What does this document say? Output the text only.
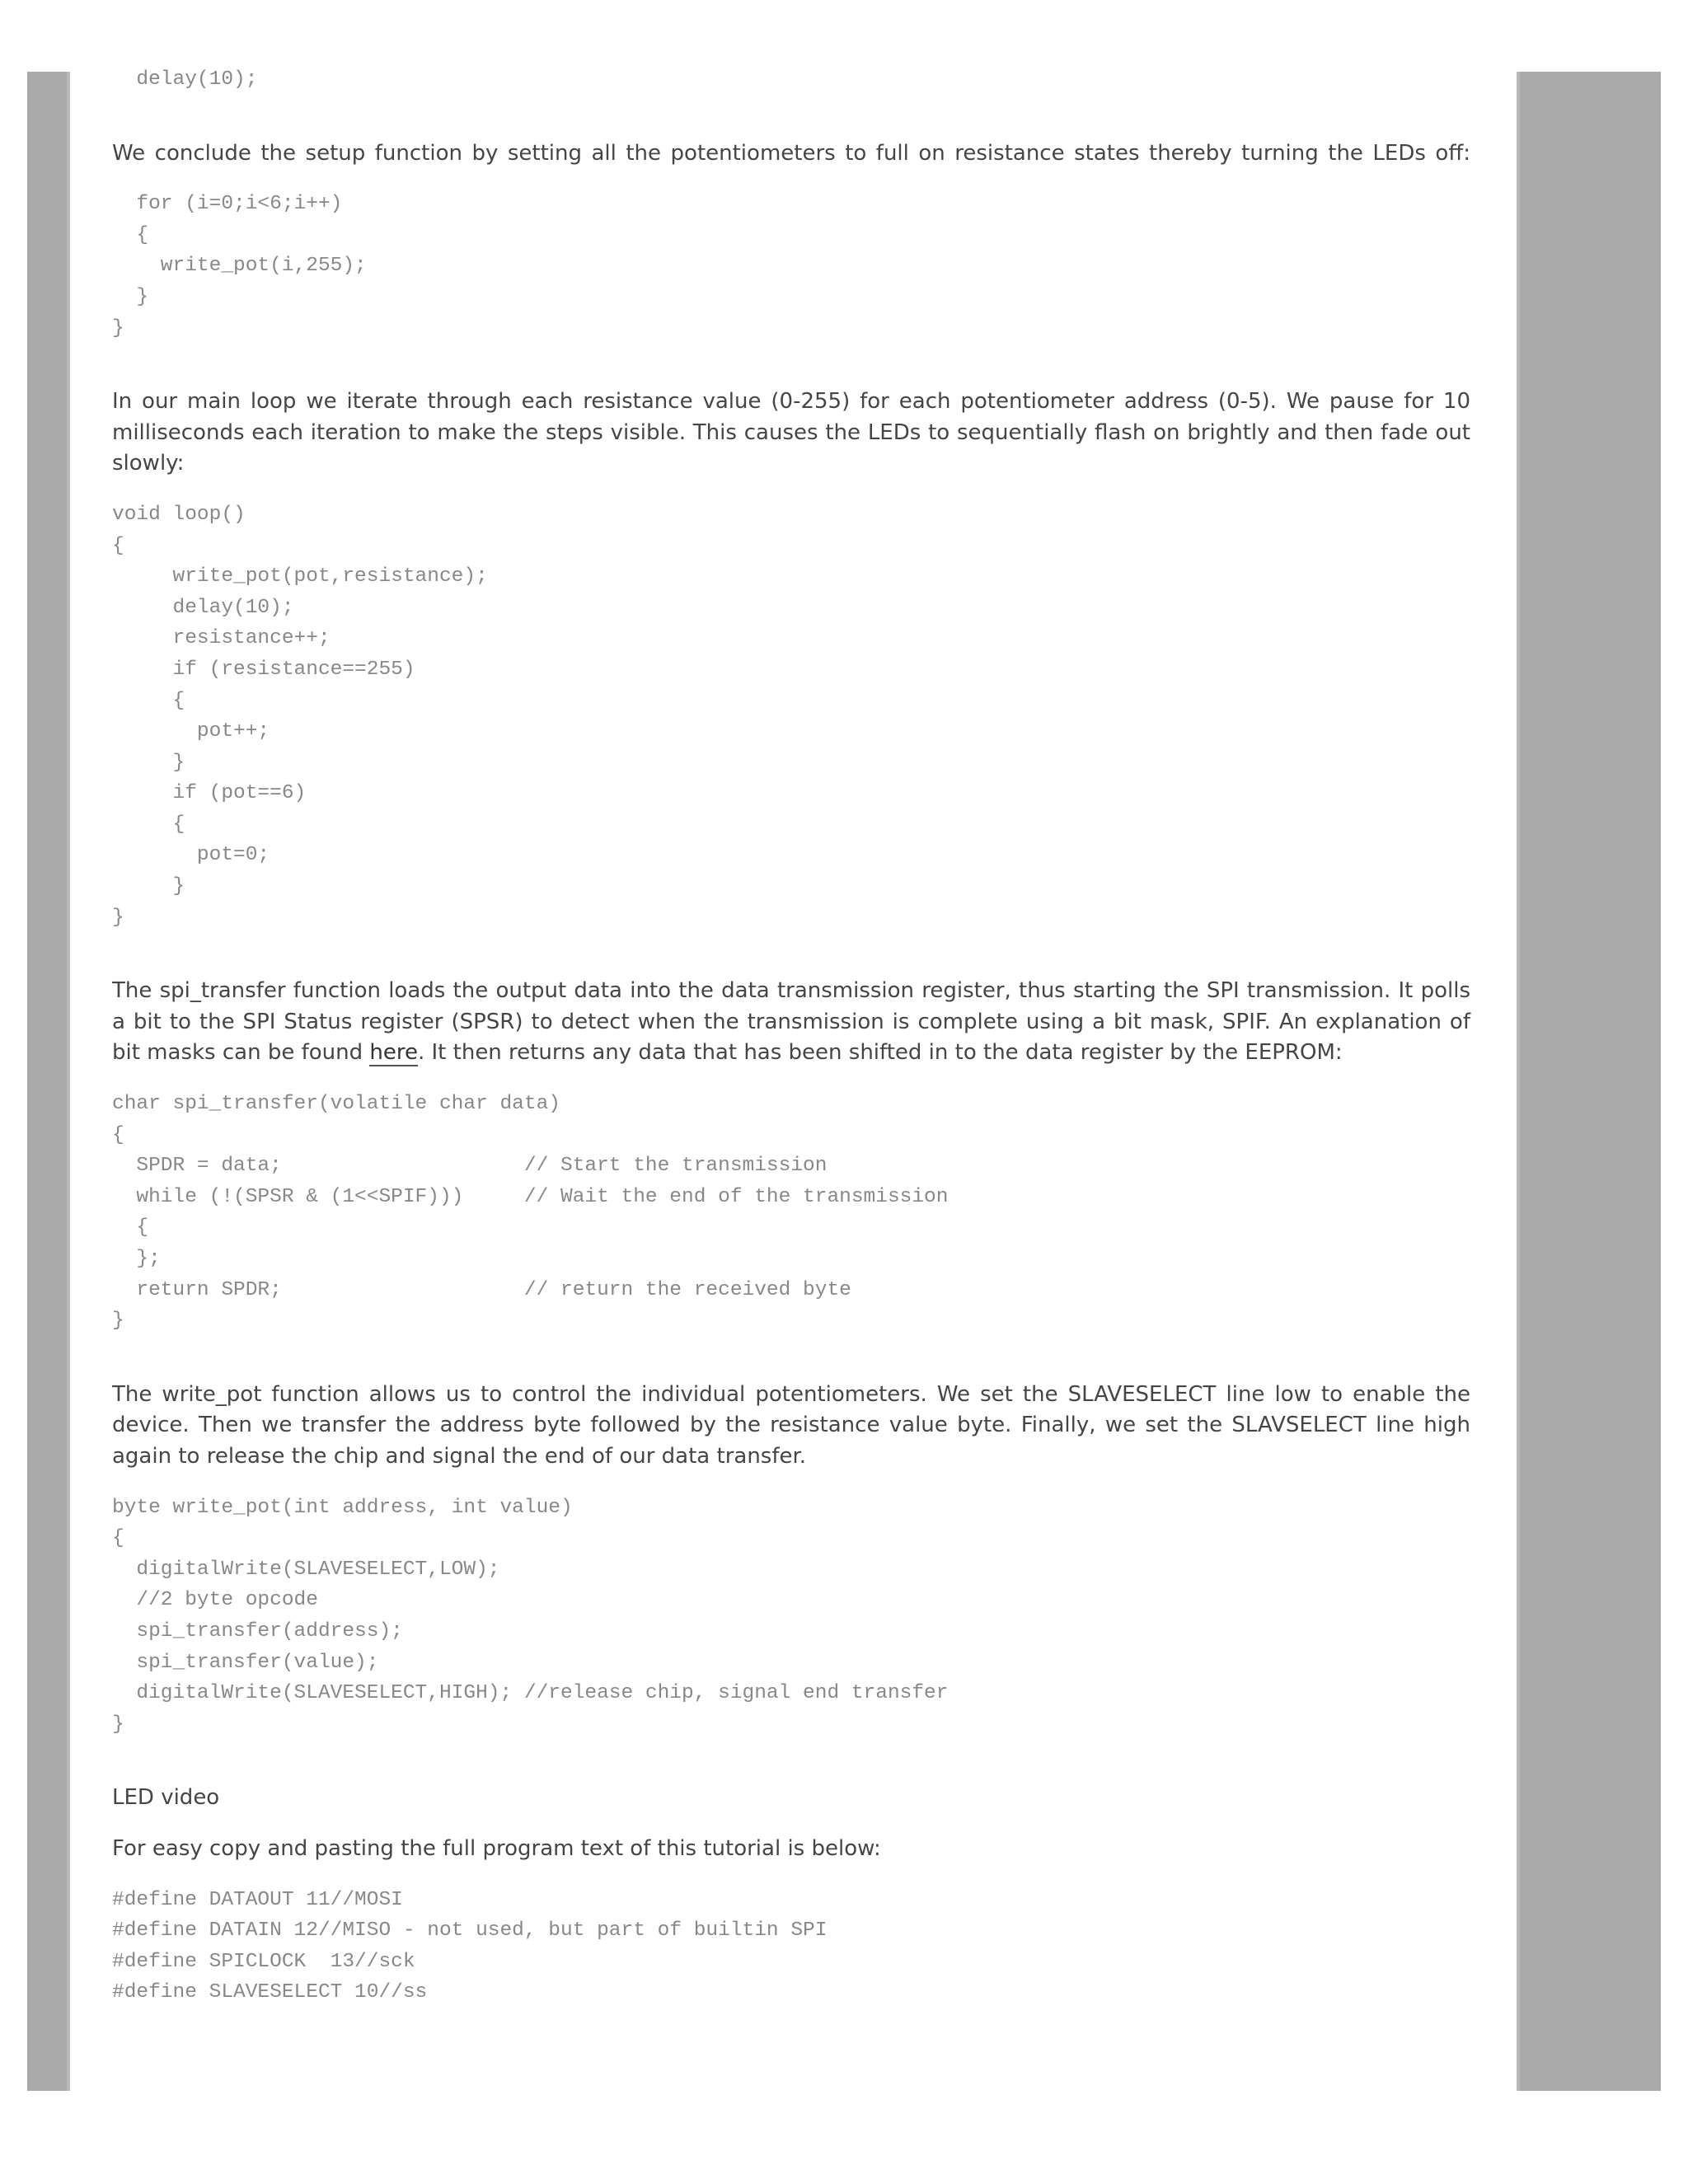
delay(10);

We conclude the setup function by setting all the potentiometers to full on resistance states thereby turning the LEDs off:

for (i=0;i<6;i++)
{
write_pot(i,255);
}
}

In our main loop we iterate through each resistance value (0-255) for each potentiometer address (0-5). We pause for 10 milliseconds each iteration to make the steps visible. This causes the LEDs to sequentially flash on brightly and then fade out slowly:

void loop()
{
write_pot(pot,resistance);
delay(10);
resistance++;
if (resistance==255)
{
pot++;
}
if (pot==6)
{
pot=0;
}
}

The spi_transfer function loads the output data into the data transmission register, thus starting the SPI transmission. It polls a bit to the SPI Status register (SPSR) to detect when the transmission is complete using a bit mask, SPIF. An explanation of bit masks can be found here. It then returns any data that has been shifted in to the data register by the EEPROM:

char spi_transfer(volatile char data)
{
SPDR = data;                    // Start the transmission
while (!(SPSR & (1<<SPIF)))     // Wait the end of the transmission
{
};
return SPDR;                    // return the received byte
}

The write_pot function allows us to control the individual potentiometers. We set the SLAVESELECT line low to enable the device. Then we transfer the address byte followed by the resistance value byte. Finally, we set the SLAVSELECT line high again to release the chip and signal the end of our data transfer.

byte write_pot(int address, int value)
{
digitalWrite(SLAVESELECT,LOW);
//2 byte opcode
spi_transfer(address);
spi_transfer(value);
digitalWrite(SLAVESELECT,HIGH); //release chip, signal end transfer
}

LED video

For easy copy and pasting the full program text of this tutorial is below:

#define DATAOUT 11//MOSI
#define DATAIN 12//MISO - not used, but part of builtin SPI
#define SPICLOCK  13//sck
#define SLAVESELECT 10//ss
